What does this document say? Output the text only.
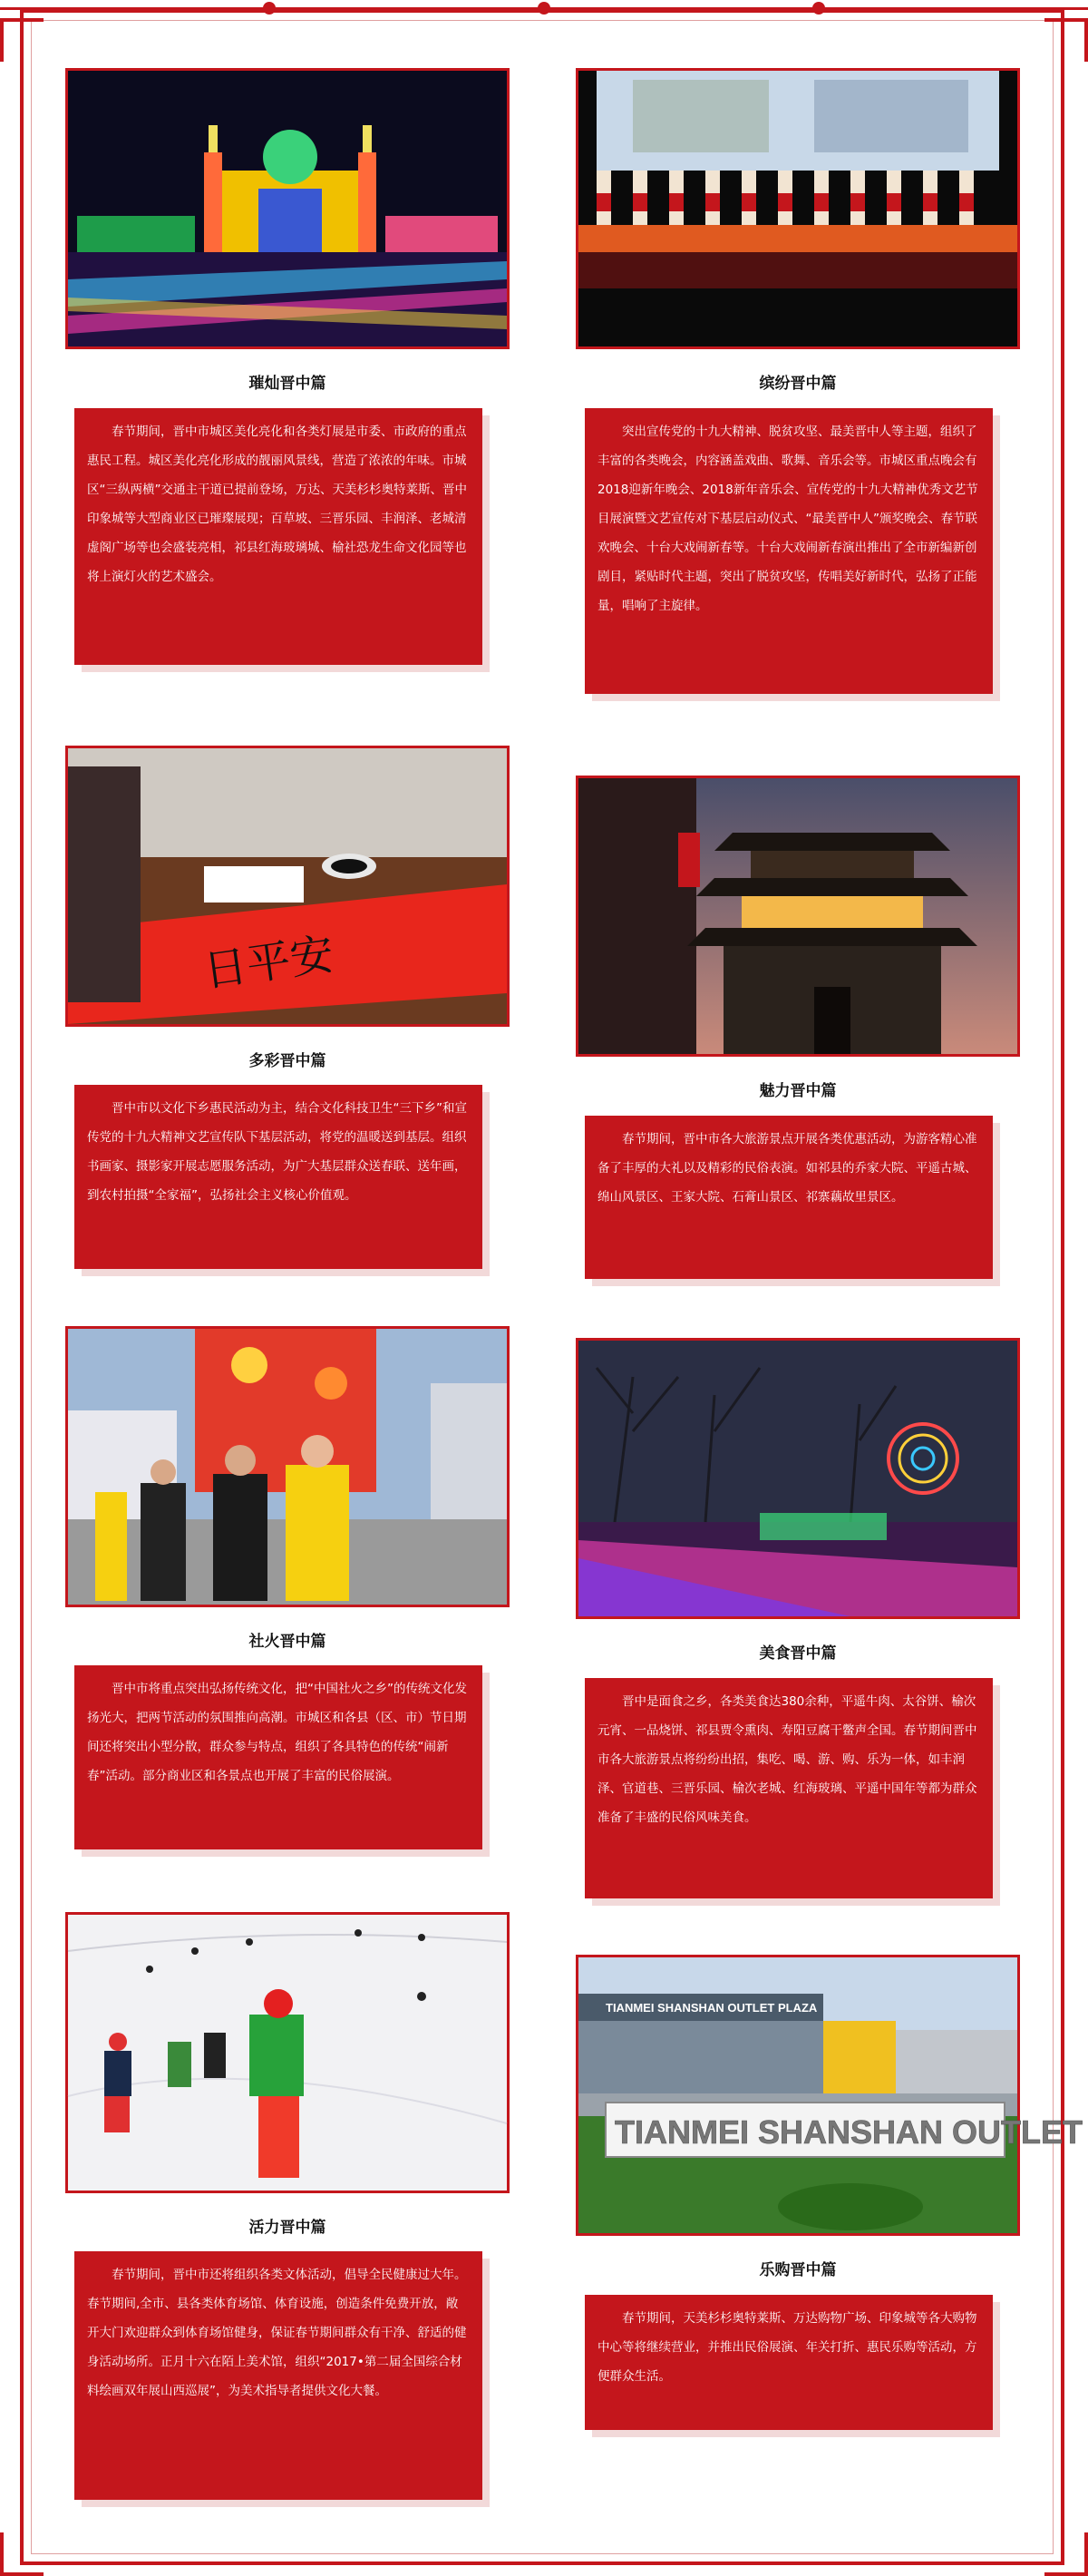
璀灿晋中篇
春节期间，晋中市城区美化亮化和各类灯展是市委、市政府的重点惠民工程。城区美化亮化形成的靓丽风景线，营造了浓浓的年味。市城区“三纵两横”交通主干道已提前登场，万达、天美杉杉奥特莱斯、晋中印象城等大型商业区已璀璨展现；百草坡、三晋乐园、丰润泽、老城清虚阁广场等也会盛装亮相，祁县红海玻璃城、榆社恐龙生命文化园等也将上演灯火的艺术盛会。
缤纷晋中篇
突出宣传党的十九大精神、脱贫攻坚、最美晋中人等主题，组织了丰富的各类晚会，内容涵盖戏曲、歌舞、音乐会等。市城区重点晚会有2018迎新年晚会、2018新年音乐会、宣传党的十九大精神优秀文艺节目展演暨文艺宣传对下基层启动仪式、“最美晋中人”颁奖晚会、春节联欢晚会、十台大戏闹新春等。十台大戏闹新春演出推出了全市新编新创剧目，紧贴时代主题，突出了脱贫攻坚，传唱美好新时代，弘扬了正能量，唱响了主旋律。
日平安
多彩晋中篇
晋中市以文化下乡惠民活动为主，结合文化科技卫生“三下乡”和宣传党的十九大精神文艺宣传队下基层活动，将党的温暖送到基层。组织书画家、摄影家开展志愿服务活动，为广大基层群众送春联、送年画，到农村拍摄“全家福”，弘扬社会主义核心价值观。
魅力晋中篇
春节期间，晋中市各大旅游景点开展各类优惠活动，为游客精心准备了丰厚的大礼以及精彩的民俗表演。如祁县的乔家大院、平遥古城、绵山风景区、王家大院、石膏山景区、祁寨藕故里景区。
社火晋中篇
晋中市将重点突出弘扬传统文化，把“中国社火之乡”的传统文化发扬光大，把两节活动的氛围推向高潮。市城区和各县（区、市）节日期间还将突出小型分散，群众参与特点，组织了各具特色的传统“闹新春”活动。部分商业区和各景点也开展了丰富的民俗展演。
美食晋中篇
晋中是面食之乡，各类美食达380余种，平遥牛肉、太谷饼、榆次元宵、一品烧饼、祁县贾令熏肉、寿阳豆腐干鳖声全国。春节期间晋中市各大旅游景点将纷纷出招，集吃、喝、游、购、乐为一体，如丰润泽、官道巷、三晋乐园、榆次老城、红海玻璃、平遥中国年等都为群众准备了丰盛的民俗风味美食。
活力晋中篇
春节期间，晋中市还将组织各类文体活动，倡导全民健康过大年。春节期间,全市、县各类体育场馆、体育设施，创造条件免费开放，敞开大门欢迎群众到体育场馆健身，保证春节期间群众有干净、舒适的健身活动场所。正月十六在陌上美术馆，组织“2017•第二届全国综合材料绘画双年展山西巡展”，为美术指导者提供文化大餐。
TIANMEI SHANSHAN OUTLET PLAZA
TIANMEI SHANSHAN OUTLET
乐购晋中篇
春节期间，天美杉杉奥特莱斯、万达购物广场、印象城等各大购物中心等将继续营业，并推出民俗展演、年关打折、惠民乐购等活动，方便群众生活。
